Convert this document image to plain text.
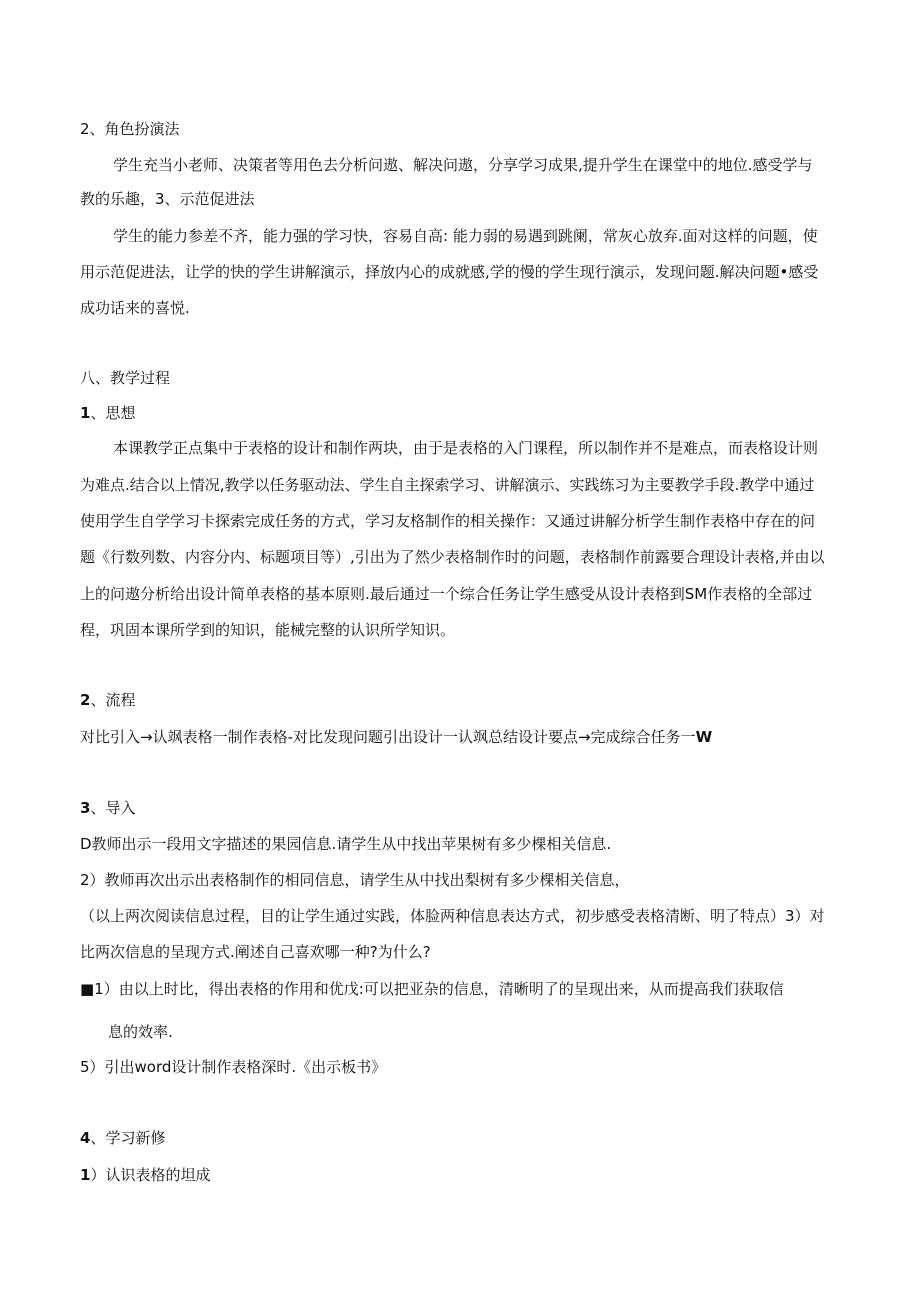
2、角色扮演法
学生充当小老师、决策者等用色去分析问遨、解决问遨，分享学习成果,提升学生在课堂中的地位.感受学与
教的乐趣，3、示范促进法
学生的能力参差不齐，能力强的学习快，容易自高: 能力弱的易遇到跳阑，常灰心放弃.面对这样的问题，使
用示范促进法，让学的快的学生讲解演示，择放内心的成就感,学的慢的学生现行演示，发现问题.解决问题•感受
成功话来的喜悦.
八、教学过程
1、思想
本课教学正点集中于表格的设计和制作两块，由于是表格的入门课程，所以制作并不是难点，而表格设计则
为难点.结合以上情况,教学以任务驱动法、学生自主探索学习、讲解演示、实践练习为主要教学手段.教学中通过
使用学生自学学习卡探索完成任务的方式，学习友格制作的相关操作：又通过讲解分析学生制作表格中存在的问
题《行数列数、内容分内、标题项目等）,引出为了然少表格制作时的问题，表格制作前露要合理设计表格,并由以
上的问遨分析给出设计简单表格的基本原则.最后通过一个综合任务让学生感受从设计表格到SM作表格的全部过
程，巩固本课所学到的知识，能械完整的认识所学知识。
2、流程
对比引入→认飒表格一制作表格-对比发现问题引出设计一认飒总结设计要点→完成综合任务一W
3、导入
D教师出示一段用文字描述的果园信息.请学生从中找出苹果树有多少棵相关信息.
2）教师再次出示出表格制作的相同信息，请学生从中找出梨树有多少棵相关信息，
（以上两次阅读信息过程，目的让学生通过实践，体脸两种信息表达方式，初步感受表格清断、明了特点）3）对
比两次信息的呈现方式.阐述自己喜欢哪一种?为什么?
■1）由以上时比，得出表格的作用和优戊:可以把亚杂的信息，清晰明了的呈现出来，从而提高我们获取信
息的效率.
5）引出word设计制作表格深时.《出示板书》
4、学习新修
1）认识表格的坦成
